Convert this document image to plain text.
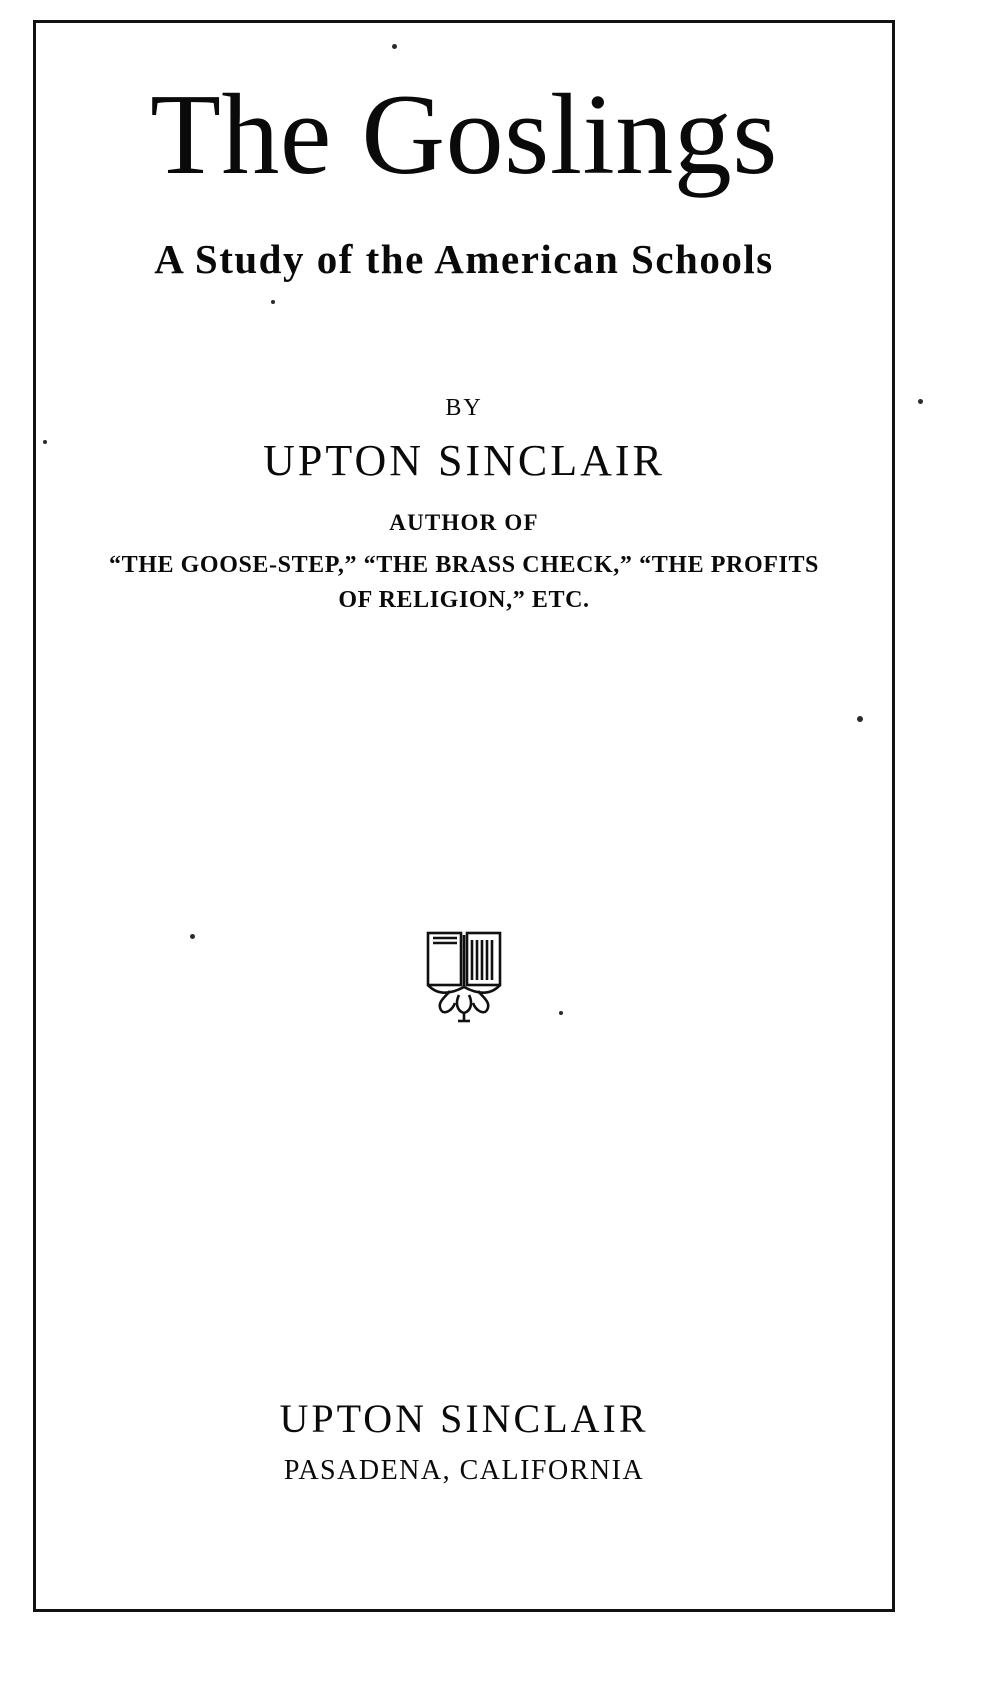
The Goslings
A Study of the American Schools
BY
UPTON SINCLAIR
AUTHOR OF
“THE GOOSE-STEP,” “THE BRASS CHECK,” “THE PROFITS
OF RELIGION,” ETC.
UPTON SINCLAIR
PASADENA, CALIFORNIA
